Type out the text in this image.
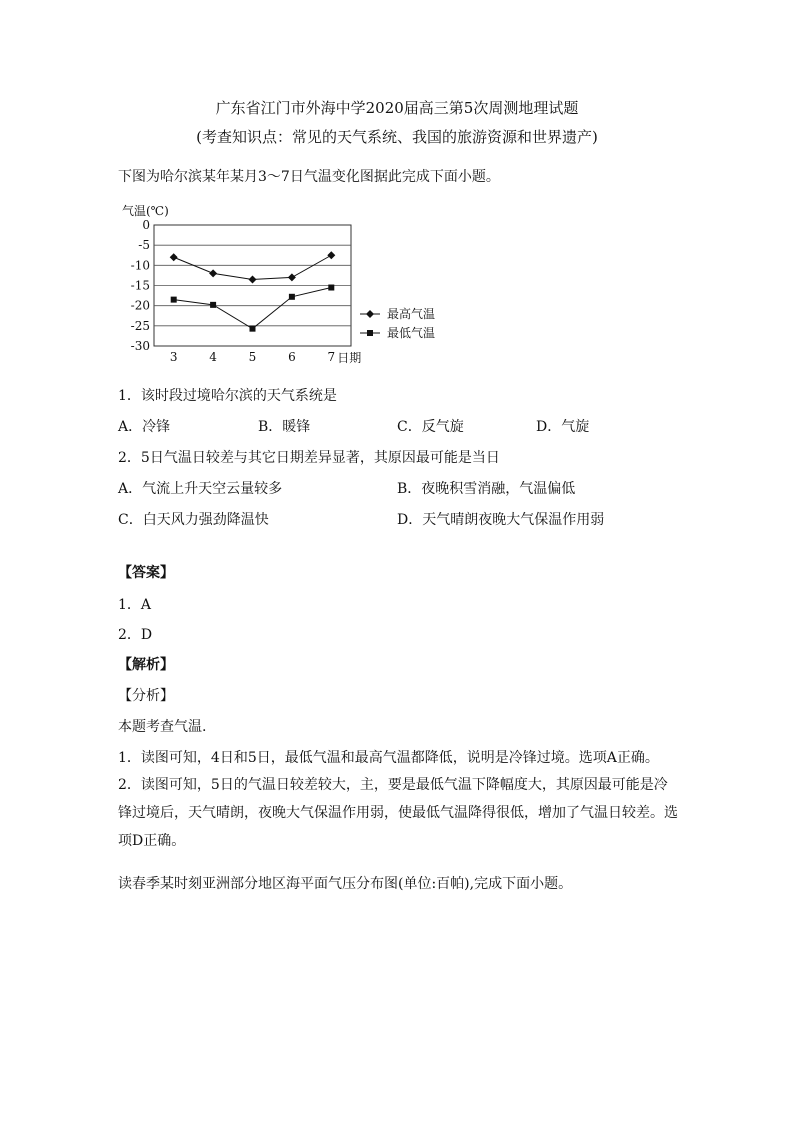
广东省江门市外海中学2020届高三第5次周测地理试题
(考查知识点：常见的天气系统、我国的旅游资源和世界遗产)
下图为哈尔滨某年某月3～7日气温变化图据此完成下面小题。
0
-5
-10
-15
-20
-25
-30
3	4	5	6	7
气温(℃)
日期
最高气温
最低气温
1．该时段过境哈尔滨的天气系统是
A．冷锋	B．暖锋	C．反气旋	D．气旋
2．5日气温日较差与其它日期差异显著，其原因最可能是当日
A．气流上升天空云量较多	B．夜晚积雪消融，气温偏低
C．白天风力强劲降温快	D．天气晴朗夜晚大气保温作用弱
【答案】
1．A
2．D
【解析】
【分析】
本题考查气温.
1．读图可知，4日和5日，最低气温和最高气温都降低，说明是冷锋过境。选项A正确。
2．读图可知，5日的气温日较差较大，主，要是最低气温下降幅度大，其原因最可能是冷锋过境后，天气晴朗，夜晚大气保温作用弱，使最低气温降得很低，增加了气温日较差。选项D正确。
读春季某时刻亚洲部分地区海平面气压分布图(单位:百帕),完成下面小题。
